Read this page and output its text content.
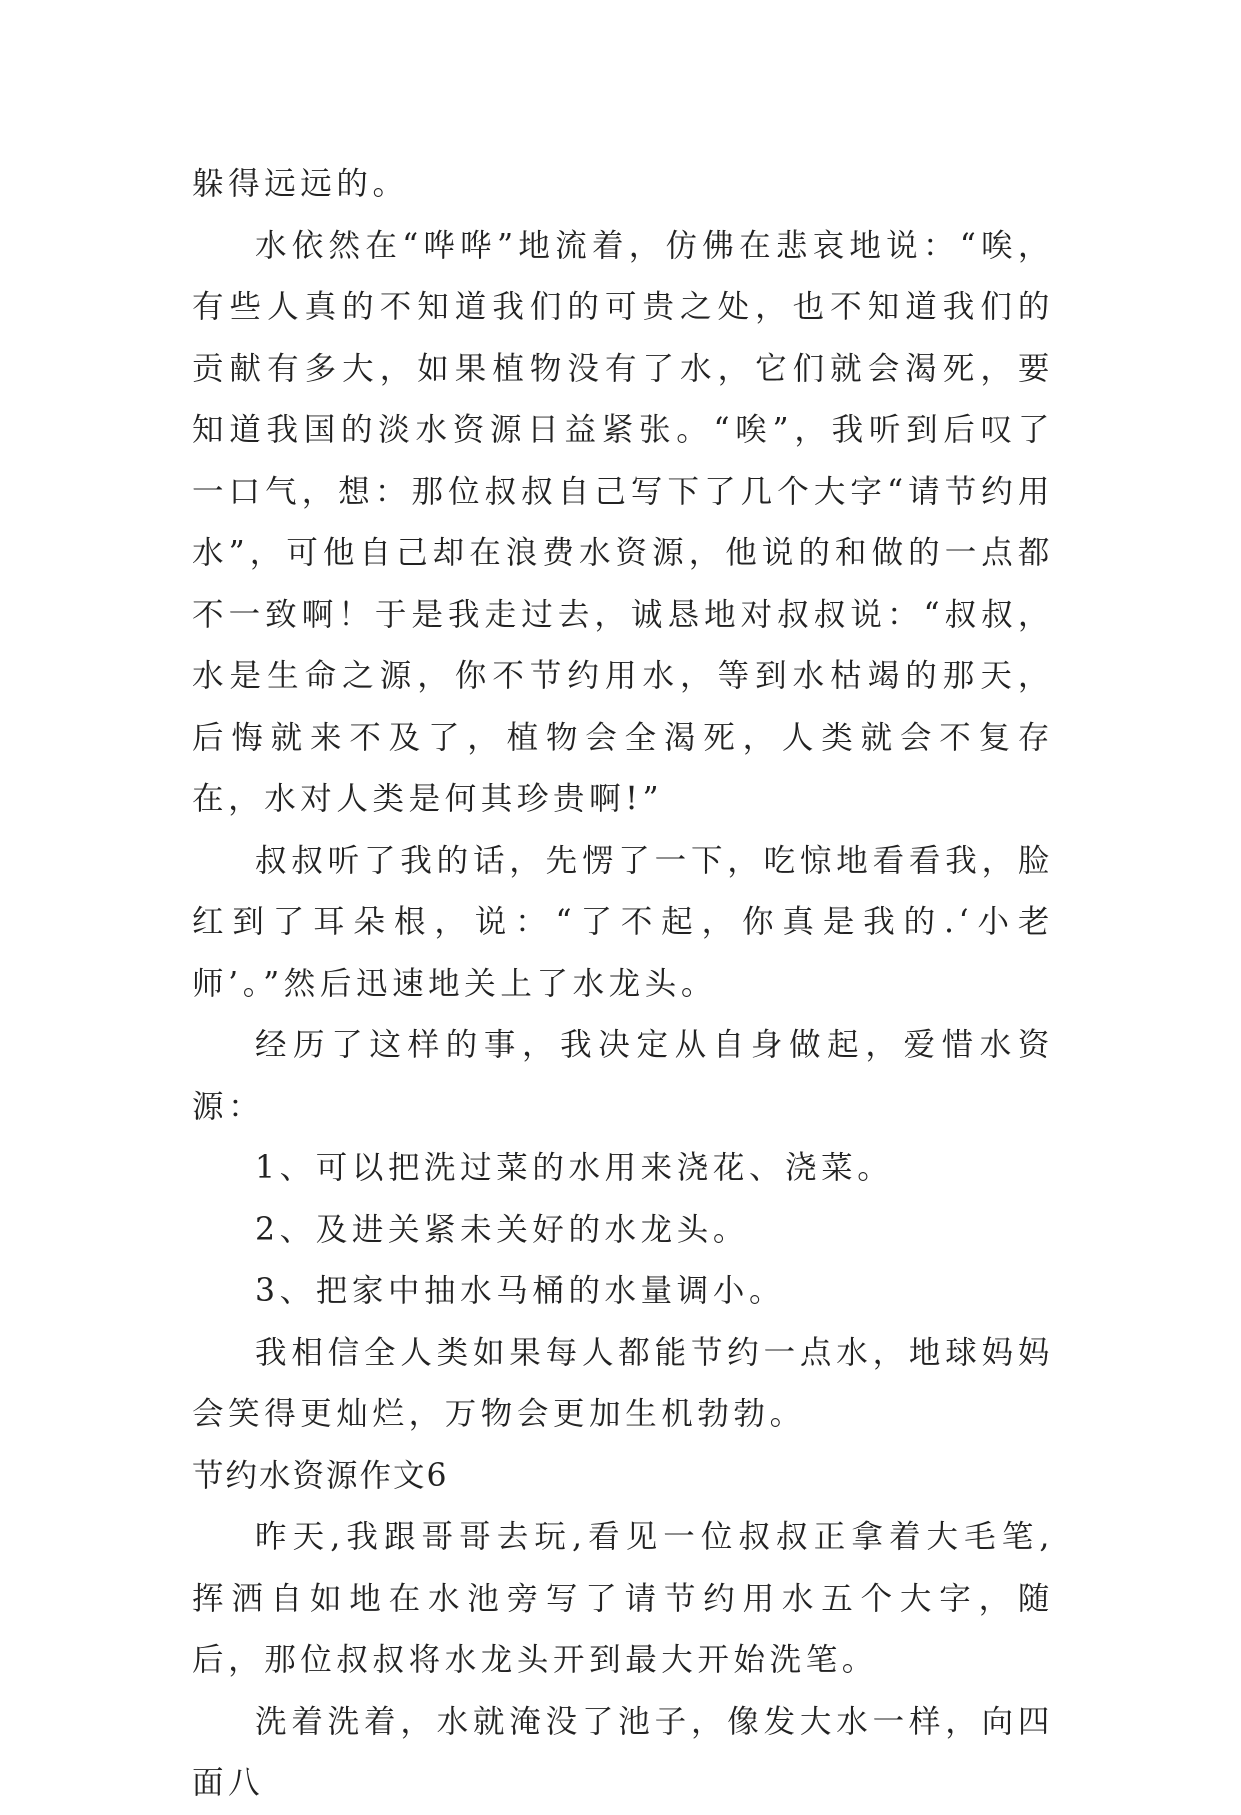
躲得远远的。

水依然在“哗哗”地流着，仿佛在悲哀地说：“唉，有些人真的不知道我们的可贵之处，也不知道我们的贡献有多大，如果植物没有了水，它们就会渴死，要知道我国的淡水资源日益紧张。“唉”，我听到后叹了一口气，想：那位叔叔自己写下了几个大字“请节约用水”，可他自己却在浪费水资源，他说的和做的一点都不一致啊！于是我走过去，诚恳地对叔叔说：“叔叔，水是生命之源，你不节约用水，等到水枯竭的那天，后悔就来不及了，植物会全渴死，人类就会不复存在，水对人类是何其珍贵啊!”

叔叔听了我的话，先愣了一下，吃惊地看看我，脸红到了耳朵根，说：“了不起，你真是我的.‘小老师’。”然后迅速地关上了水龙头。

经历了这样的事，我决定从自身做起，爱惜水资源：

1、可以把洗过菜的水用来浇花、浇菜。

2、及进关紧未关好的水龙头。

3、把家中抽水马桶的水量调小。

我相信全人类如果每人都能节约一点水，地球妈妈会笑得更灿烂，万物会更加生机勃勃。

节约水资源作文6

昨天,我跟哥哥去玩,看见一位叔叔正拿着大毛笔,挥洒自如地在水池旁写了请节约用水五个大字，随后，那位叔叔将水龙头开到最大开始洗笔。

洗着洗着，水就淹没了池子，像发大水一样，向四面八
